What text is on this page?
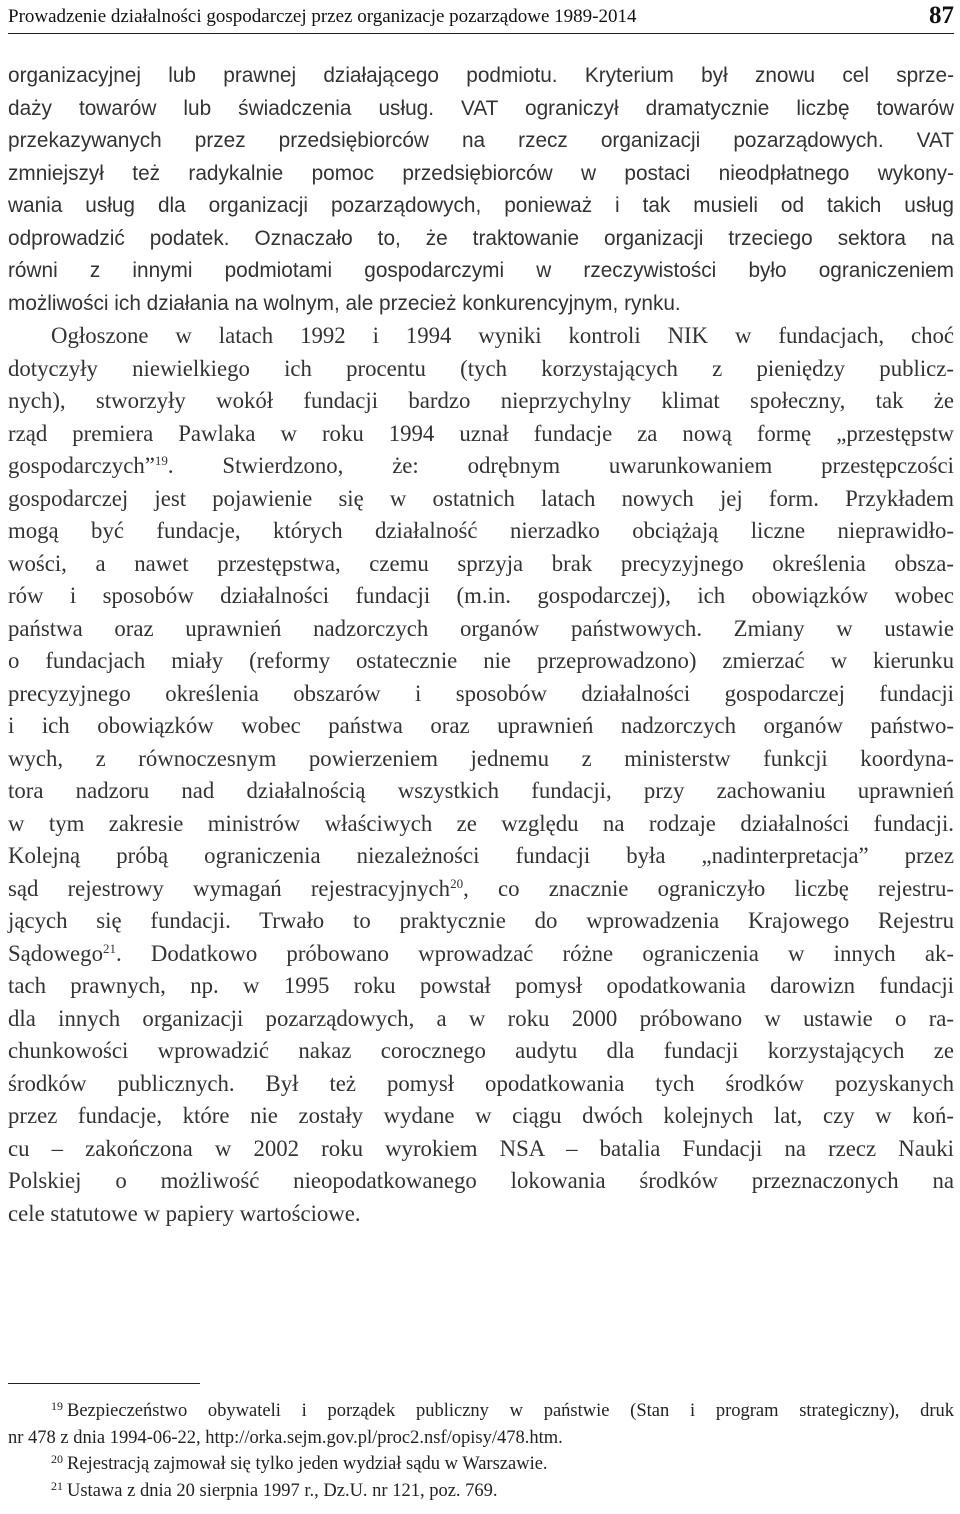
Prowadzenie działalności gospodarczej przez organizacje pozarządowe 1989-2014	87
organizacyjnej lub prawnej działającego podmiotu. Kryterium był znowu cel sprze-
daży towarów lub świadczenia usług. VAT ograniczył dramatycznie liczbę towarów
przekazywanych przez przedsiębiorców na rzecz organizacji pozarządowych. VAT
zmniejszył też radykalnie pomoc przedsiębiorców w postaci nieodpłatnego wykony-
wania usług dla organizacji pozarządowych, ponieważ i tak musieli od takich usług
odprowadzić podatek. Oznaczało to, że traktowanie organizacji trzeciego sektora na
równi z innymi podmiotami gospodarczymi w rzeczywistości było ograniczeniem
możliwości ich działania na wolnym, ale przecież konkurencyjnym, rynku.
Ogłoszone w latach 1992 i 1994 wyniki kontroli NIK w fundacjach, choć
dotyczyły niewielkiego ich procentu (tych korzystających z pieniędzy publicz-
nych), stworzyły wokół fundacji bardzo nieprzychylny klimat społeczny, tak że
rząd premiera Pawlaka w roku 1994 uznał fundacje za nową formę „przestępstw
gospodarczych”$^{19}$. Stwierdzono, że: odrębnym uwarunkowaniem przestępczości
gospodarczej jest pojawienie się w ostatnich latach nowych jej form. Przykładem
mogą być fundacje, których działalność nierzadko obciążają liczne nieprawidło-
wości, a nawet przestępstwa, czemu sprzyja brak precyzyjnego określenia obsza-
rów i sposobów działalności fundacji (m.in. gospodarczej), ich obowiązków wobec
państwa oraz uprawnień nadzorczych organów państwowych. Zmiany w ustawie
o fundacjach miały (reformy ostatecznie nie przeprowadzono) zmierzać w kierunku
precyzyjnego określenia obszarów i sposobów działalności gospodarczej fundacji
i ich obowiązków wobec państwa oraz uprawnień nadzorczych organów państwo-
wych, z równoczesnym powierzeniem jednemu z ministerstw funkcji koordyna-
tora nadzoru nad działalnością wszystkich fundacji, przy zachowaniu uprawnień
w tym zakresie ministrów właściwych ze względu na rodzaje działalności fundacji.
Kolejną próbą ograniczenia niezależności fundacji była „nadinterpretacja” przez
sąd rejestrowy wymagań rejestracyjnych$^{20}$, co znacznie ograniczyło liczbę rejestru-
jących się fundacji. Trwało to praktycznie do wprowadzenia Krajowego Rejestru
Sądowego$^{21}$. Dodatkowo próbowano wprowadzać różne ograniczenia w innych ak-
tach prawnych, np. w 1995 roku powstał pomysł opodatkowania darowizn fundacji
dla innych organizacji pozarządowych, a w roku 2000 próbowano w ustawie o ra-
chunkowości wprowadzić nakaz corocznego audytu dla fundacji korzystających ze
środków publicznych. Był też pomysł opodatkowania tych środków pozyskanych
przez fundacje, które nie zostały wydane w ciągu dwóch kolejnych lat, czy w koń-
cu – zakończona w 2002 roku wyrokiem NSA – batalia Fundacji na rzecz Nauki
Polskiej o możliwość nieopodatkowanego lokowania środków przeznaczonych na
cele statutowe w papiery wartościowe.
$^{19}$ Bezpieczeństwo obywateli i porządek publiczny w państwie (Stan i program strategiczny), druk
nr 478 z dnia 1994-06-22, http://orka.sejm.gov.pl/proc2.nsf/opisy/478.htm.
$^{20}$ Rejestracją zajmował się tylko jeden wydział sądu w Warszawie.
$^{21}$ Ustawa z dnia 20 sierpnia 1997 r., Dz.U. nr 121, poz. 769.
